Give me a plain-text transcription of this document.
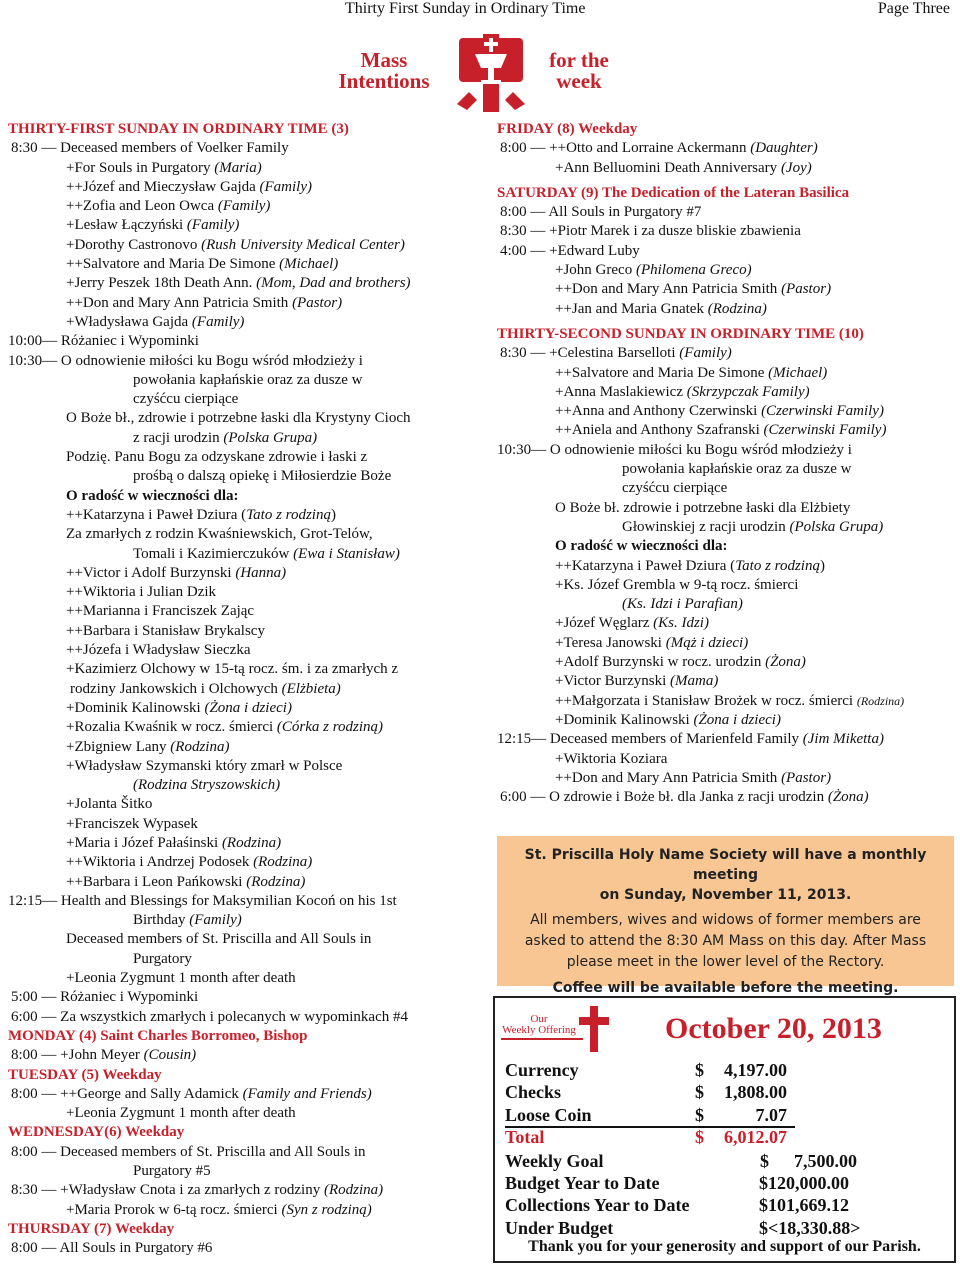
Thirty First Sunday in Ordinary Time	Page Three
Mass
Intentions
for the
week
THIRTY-FIRST SUNDAY IN ORDINARY TIME (3)
8:30 — Deceased members of Voelker Family
+For Souls in Purgatory (Maria)
++Józef and Mieczysław Gajda (Family)
++Zofia and Leon Owca (Family)
+Lesław Łączyński (Family)
+Dorothy Castronovo (Rush University Medical Center)
++Salvatore and Maria De Simone (Michael)
+Jerry Peszek 18th Death Ann. (Mom, Dad and brothers)
++Don and Mary Ann Patricia Smith (Pastor)
+Władysława Gajda (Family)
10:00— Różaniec i Wypominki
10:30— O odnowienie miłości ku Bogu wśród młodzieży i
powołania kapłańskie oraz za dusze w
czyśćcu cierpiące
O Boże bł., zdrowie i potrzebne łaski dla Krystyny Cioch
z racji urodzin (Polska Grupa)
Podzię. Panu Bogu za odzyskane zdrowie i łaski z
prośbą o dalszą opiekę i Miłosierdzie Boże
O radość w wieczności dla:
++Katarzyna i Paweł Dziura (Tato z rodziną)
Za zmarłych z rodzin Kwaśniewskich, Grot-Telów,
Tomali i Kazimierczuków (Ewa i Stanisław)
++Victor i Adolf Burzynski (Hanna)
++Wiktoria i Julian Dzik
++Marianna i Franciszek Zając
++Barbara i Stanisław Brykalscy
++Józefa i Władysław Sieczka
+Kazimierz Olchowy w 15-tą rocz. śm. i za zmarłych z
rodziny Jankowskich i Olchowych (Elżbieta)
+Dominik Kalinowski (Żona i dzieci)
+Rozalia Kwaśnik w rocz. śmierci (Córka z rodziną)
+Zbigniew Lany (Rodzina)
+Władysław Szymanski który zmarł w Polsce
(Rodzina Stryszowskich)
+Jolanta Šitko
+Franciszek Wypasek
+Maria i Józef Pałaśinski (Rodzina)
++Wiktoria i Andrzej Podosek (Rodzina)
++Barbara i Leon Pańkowski (Rodzina)
12:15— Health and Blessings for Maksymilian Kocoń on his 1st
Birthday (Family)
Deceased members of St. Priscilla and All Souls in
Purgatory
+Leonia Zygmunt 1 month after death
5:00 — Różaniec i Wypominki
6:00 — Za wszystkich zmarłych i polecanych w wypominkach #4
MONDAY (4) Saint Charles Borromeo, Bishop
8:00 — +John Meyer (Cousin)
TUESDAY (5) Weekday
8:00 — ++George and Sally Adamick (Family and Friends)
+Leonia Zygmunt 1 month after death
WEDNESDAY(6) Weekday
8:00 — Deceased members of St. Priscilla and All Souls in
Purgatory #5
8:30 — +Władysław Cnota i za zmarłych z rodziny (Rodzina)
+Maria Prorok w 6-tą rocz. śmierci (Syn z rodziną)
THURSDAY (7) Weekday
8:00 — All Souls in Purgatory #6
FRIDAY (8) Weekday
8:00 — ++Otto and Lorraine Ackermann (Daughter)
+Ann Belluomini Death Anniversary (Joy)
SATURDAY (9) The Dedication of the Lateran Basilica
8:00 — All Souls in Purgatory #7
8:30 — +Piotr Marek i za dusze bliskie zbawienia
4:00 — +Edward Luby
+John Greco (Philomena Greco)
++Don and Mary Ann Patricia Smith (Pastor)
++Jan and Maria Gnatek (Rodzina)
THIRTY-SECOND SUNDAY IN ORDINARY TIME (10)
8:30 — +Celestina Barselloti (Family)
++Salvatore and Maria De Simone (Michael)
+Anna Maslakiewicz (Skrzypczak Family)
++Anna and Anthony Czerwinski (Czerwinski Family)
++Aniela and Anthony Szafranski (Czerwinski Family)
10:30— O odnowienie miłości ku Bogu wśród młodzieży i
powołania kapłańskie oraz za dusze w
czyśćcu cierpiące
O Boże bł. zdrowie i potrzebne łaski dla Elżbiety
Głowinskiej z racji urodzin (Polska Grupa)
O radość w wieczności dla:
++Katarzyna i Paweł Dziura (Tato z rodziną)
+Ks. Józef Grembla w 9-tą rocz. śmierci
(Ks. Idzi i Parafian)
+Józef Węglarz (Ks. Idzi)
+Teresa Janowski (Mąż i dzieci)
+Adolf Burzynski w rocz. urodzin (Żona)
+Victor Burzynski (Mama)
++Małgorzata i Stanisław Brożek w rocz. śmierci (Rodzina)
+Dominik Kalinowski (Żona i dzieci)
12:15— Deceased members of Marienfeld Family (Jim Miketta)
+Wiktoria Koziara
++Don and Mary Ann Patricia Smith (Pastor)
6:00 — O zdrowie i Boże bł. dla Janka z racji urodzin (Żona)
St. Priscilla Holy Name Society will have a monthly meeting
on Sunday, November 11, 2013.
All members, wives and widows of former members are
asked to attend the 8:30 AM Mass on this day. After Mass
please meet in the lower level of the Rectory.
Coffee will be available before the meeting.
Our
Weekly Offering	October 20, 2013
Currency	$	4,197.00
Checks	$	1,808.00
Loose Coin	$	7.07
Total	$	6,012.07
Weekly Goal	$	7,500.00
Budget Year to Date	$120,000.00
Collections Year to Date	$101,669.12
Under Budget	$<18,330.88>
Thank you for your generosity and support of our Parish.
